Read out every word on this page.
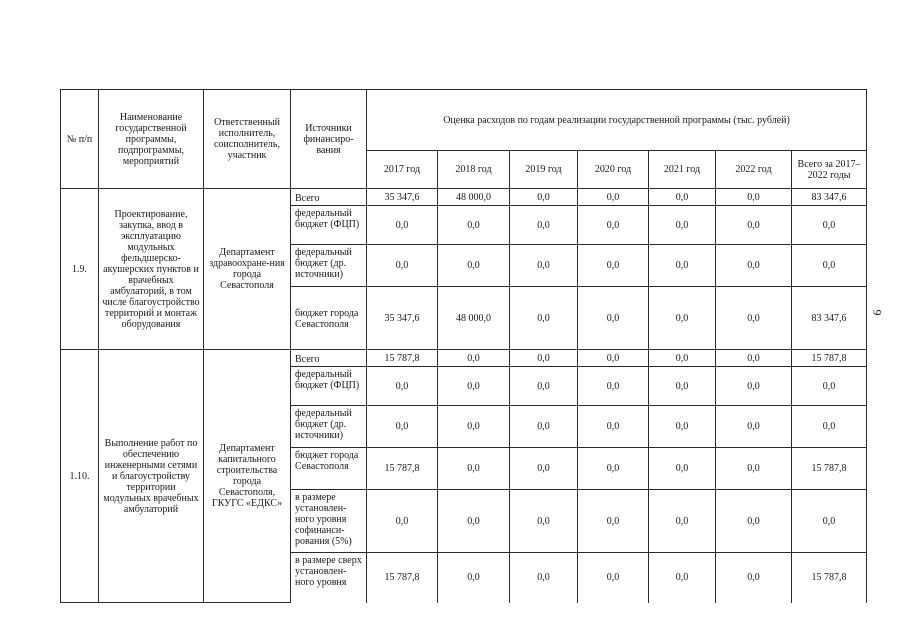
9
№ п/п	Наименование государственной программы, подпрограммы, мероприятий	Ответственный исполнитель, соисполнитель, участник	Источники финансиро-вания	Оценка расходов по годам реализации государственной программы (тыс. рублей)						
				2017 год	2018 год	2019 год	2020 год	2021 год	2022 год	Всего за 2017–2022 годы
1.9.	Проектирование, закупка, ввод в эксплуатацию модульных фельдшерско-акушерских пунктов и врачебных амбулаторий, в том числе благоустройство территорий и монтаж оборудования	Департамент здравоохране-ния города Севастополя	Всего	35 347,6	48 000,0	0,0	0,0	0,0	0,0	83 347,6
			федеральный бюджет (ФЦП)	0,0	0,0	0,0	0,0	0,0	0,0	0,0
			федеральный бюджет (др. источники)	0,0	0,0	0,0	0,0	0,0	0,0	0,0
			бюджет города Севастополя	35 347,6	48 000,0	0,0	0,0	0,0	0,0	83 347,6
1.10.	Выполнение работ по обеспечению инженерными сетями и благоустройству территории модульных врачебных амбулаторий	Департамент капитального строительства города Севастополя, ГКУГС «ЕДКС»	Всего	15 787,8	0,0	0,0	0,0	0,0	0,0	15 787,8
			федеральный бюджет (ФЦП)	0,0	0,0	0,0	0,0	0,0	0,0	0,0
			федеральный бюджет (др. источники)	0,0	0,0	0,0	0,0	0,0	0,0	0,0
			бюджет города Севастополя	15 787,8	0,0	0,0	0,0	0,0	0,0	15 787,8
			в размере установлен-ного уровня софинанси-рования (5%)	0,0	0,0	0,0	0,0	0,0	0,0	0,0
			в размере сверх установлен-ного уровня	15 787,8	0,0	0,0	0,0	0,0	0,0	15 787,8
